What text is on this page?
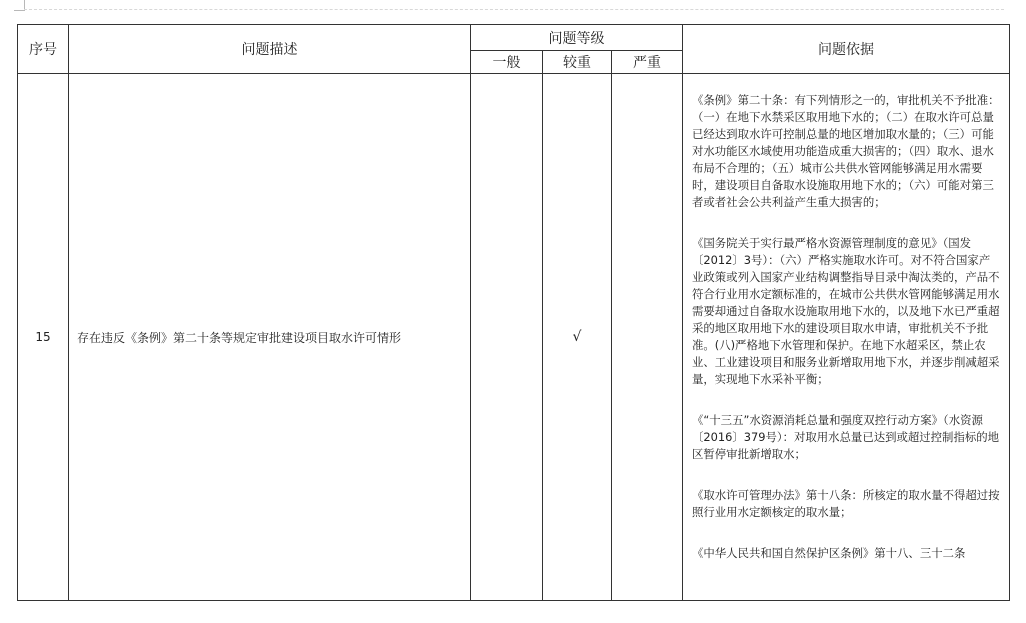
序号	问题描述	问题等级			问题依据
		一般	较重	严重	
15	存在违反《条例》第二十条等规定审批建设项目取水许可情形		√		《条例》第二十条：有下列情形之一的，审批机关不予批准：（一）在地下水禁采区取用地下水的；（二）在取水许可总量已经达到取水许可控制总量的地区增加取水量的；（三）可能对水功能区水域使用功能造成重大损害的；（四）取水、退水布局不合理的；（五）城市公共供水管网能够满足用水需要时，建设项目自备取水设施取用地下水的；（六）可能对第三者或者社会公共利益产生重大损害的；

《国务院关于实行最严格水资源管理制度的意见》（国发〔2012〕3号）：（六）严格实施取水许可。对不符合国家产业政策或列入国家产业结构调整指导目录中淘汰类的，产品不符合行业用水定额标准的，在城市公共供水管网能够满足用水需要却通过自备取水设施取用地下水的，以及地下水已严重超采的地区取用地下水的建设项目取水申请，审批机关不予批准。(八)严格地下水管理和保护。在地下水超采区，禁止农业、工业建设项目和服务业新增取用地下水，并逐步削减超采量，实现地下水采补平衡；

《“十三五”水资源消耗总量和强度双控行动方案》（水资源〔2016〕379号）：对取用水总量已达到或超过控制指标的地区暂停审批新增取水；

《取水许可管理办法》第十八条：所核定的取水量不得超过按照行业用水定额核定的取水量；

《中华人民共和国自然保护区条例》第十八、三十二条
